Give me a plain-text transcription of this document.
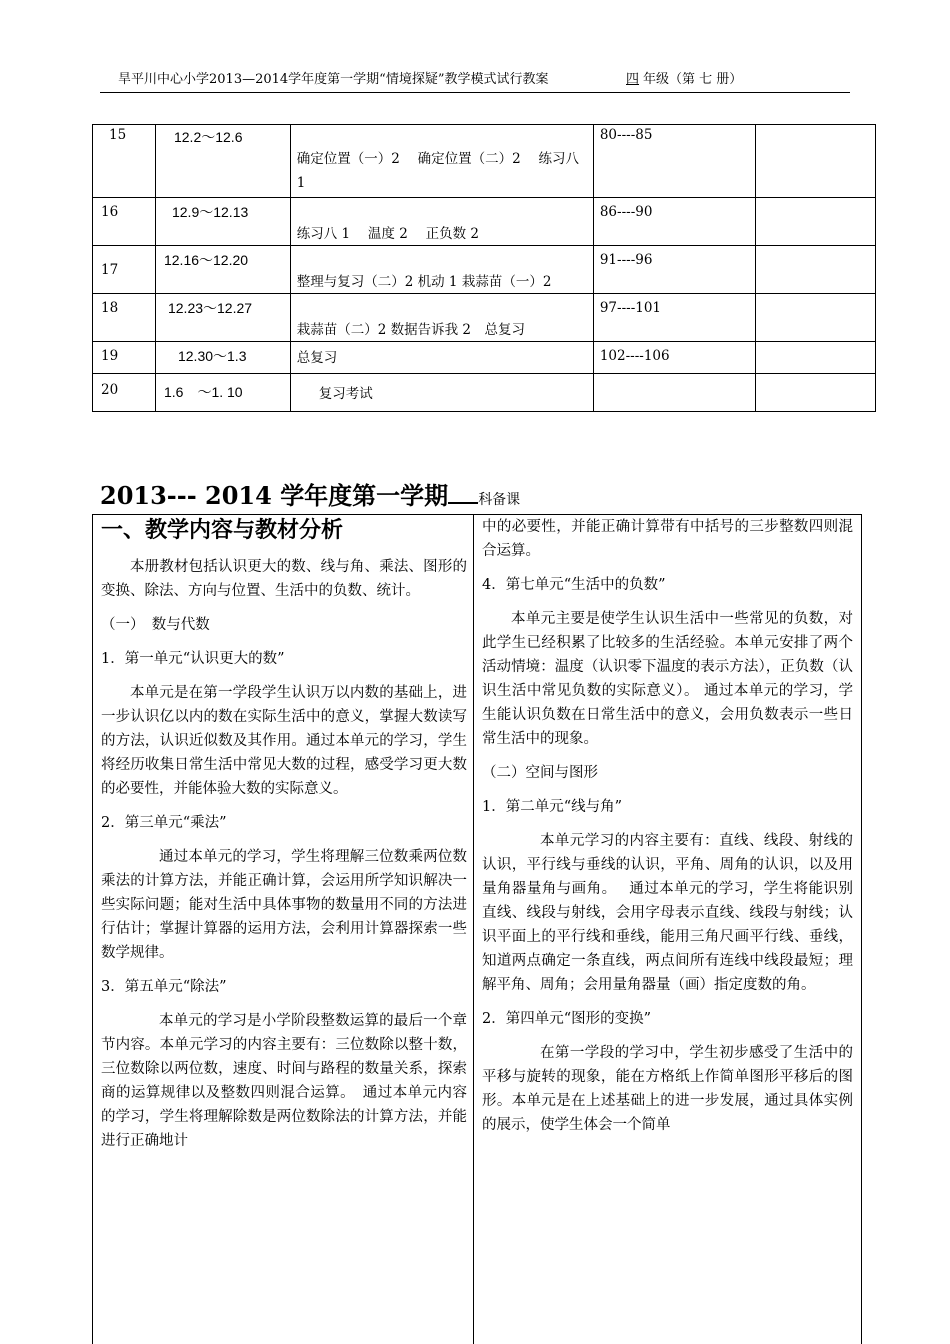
旱平川中心小学2013—2014学年度第一学期“情境探疑”教学模式试行教案	四 年级（第 七 册）
15	12.2～12.6	确定位置（一）2　 确定位置（二）2　 练习八 1	80----85	
16	12.9～12.13	练习八 1　 温度 2　 正负数 2	86----90	
17	12.16～12.20	整理与复习（二）2 机动 1 栽蒜苗（一）2	91----96	
18	12.23～12.27	栽蒜苗（二）2 数据告诉我 2　总复习	97----101	
19	12.30～1.3	总复习	102----106	
20	1.6　～1. 10	复习考试		
2013--- 2014 学年度第一学期 科备课

一、教学内容与教材分析

本册教材包括认识更大的数、线与角、乘法、图形的变换、除法、方向与位置、生活中的负数、统计。

（一）　数与代数

1．第一单元“认识更大的数”

本单元是在第一学段学生认识万以内数的基础上，进一步认识亿以内的数在实际生活中的意义，掌握大数读写的方法，认识近似数及其作用。通过本单元的学习，学生将经历收集日常生活中常见大数的过程，感受学习更大数的必要性，并能体验大数的实际意义。

2．第三单元“乘法”

通过本单元的学习，学生将理解三位数乘两位数乘法的计算方法，并能正确计算，会运用所学知识解决一些实际问题；能对生活中具体事物的数量用不同的方法进行估计；掌握计算器的运用方法，会利用计算器探索一些数学规律。

3．第五单元“除法”

本单元的学习是小学阶段整数运算的最后一个章节内容。本单元学习的内容主要有：三位数除以整十数，三位数除以两位数，速度、时间与路程的数量关系，探索商的运算规律以及整数四则混合运算。　通过本单元内容的学习，学生将理解除数是两位数除法的计算方法，并能进行正确地计

中的必要性，并能正确计算带有中括号的三步整数四则混合运算。

4．第七单元“生活中的负数”

本单元主要是使学生认识生活中一些常见的负数，对此学生已经积累了比较多的生活经验。本单元安排了两个活动情境：温度（认识零下温度的表示方法），正负数（认识生活中常见负数的实际意义）。 通过本单元的学习，学生能认识负数在日常生活中的意义，会用负数表示一些日常生活中的现象。

（二）空间与图形

1．第二单元“线与角”

本单元学习的内容主要有：直线、线段、射线的认识，平行线与垂线的认识，平角、周角的认识，以及用量角器量角与画角。　 通过本单元的学习，学生将能识别直线、线段与射线，会用字母表示直线、线段与射线；认识平面上的平行线和垂线，能用三角尺画平行线、垂线，知道两点确定一条直线，两点间所有连线中线段最短；理解平角、周角；会用量角器量（画）指定度数的角。

2．第四单元“图形的变换”

在第一学段的学习中，学生初步感受了生活中的平移与旋转的现象，能在方格纸上作简单图形平移后的图形。本单元是在上述基础上的进一步发展，通过具体实例的展示，使学生体会一个简单
